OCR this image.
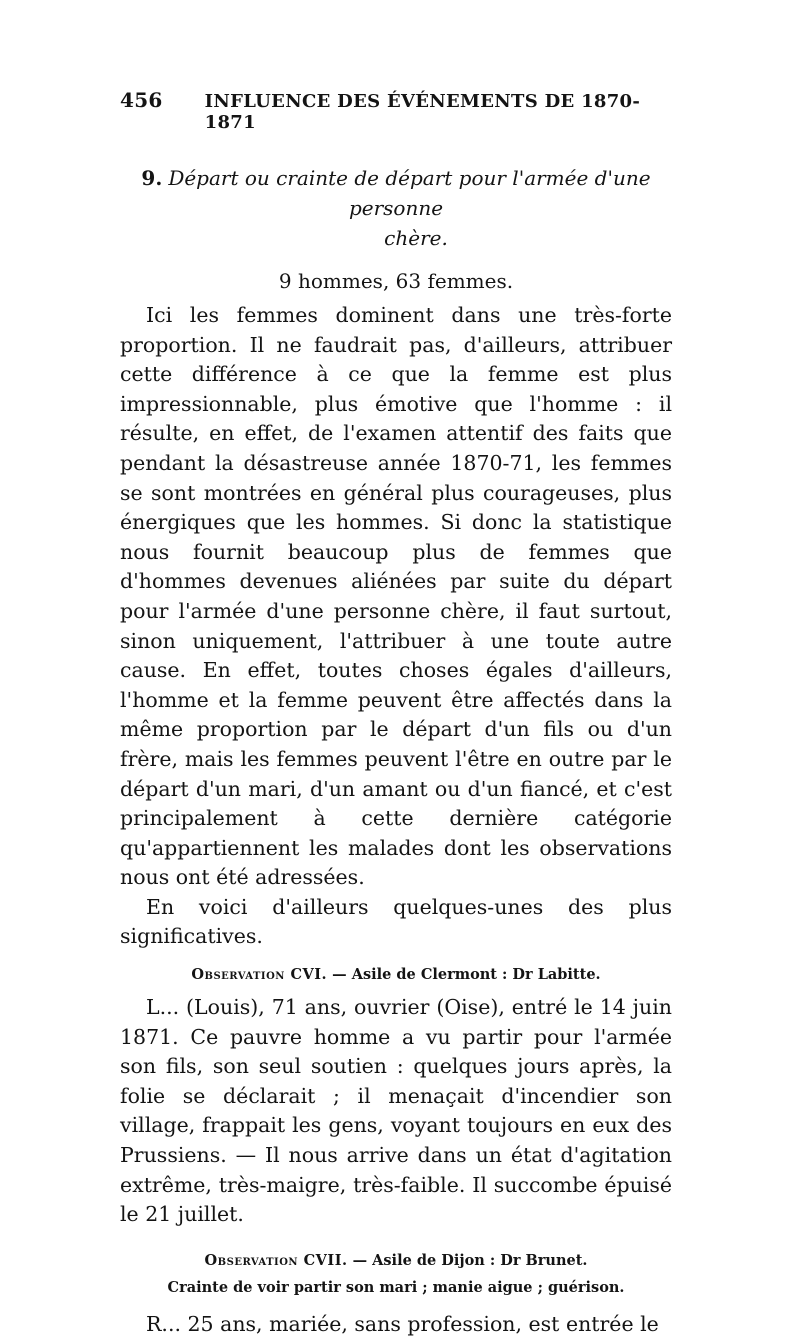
456 INFLUENCE DES ÉVÉNEMENTS DE 1870-1871
9. Départ ou crainte de départ pour l'armée d'une personne
chère.
9 hommes, 63 femmes.

Ici les femmes dominent dans une très-forte proportion. Il ne faudrait pas, d'ailleurs, attribuer cette différence à ce que la femme est plus impressionnable, plus émotive que l'homme : il résulte, en effet, de l'examen attentif des faits que pendant la désastreuse année 1870-71, les femmes se sont montrées en général plus courageuses, plus énergiques que les hommes. Si donc la statistique nous fournit beaucoup plus de femmes que d'hommes devenues aliénées par suite du départ pour l'armée d'une personne chère, il faut surtout, sinon uniquement, l'attribuer à une toute autre cause. En effet, toutes choses égales d'ailleurs, l'homme et la femme peuvent être affectés dans la même proportion par le départ d'un fils ou d'un frère, mais les femmes peuvent l'être en outre par le départ d'un mari, d'un amant ou d'un fiancé, et c'est principalement à cette dernière catégorie qu'appartiennent les malades dont les observations nous ont été adressées.

En voici d'ailleurs quelques-unes des plus significatives.

Observation CVI. — Asile de Clermont : Dr Labitte.

L... (Louis), 71 ans, ouvrier (Oise), entré le 14 juin 1871. Ce pauvre homme a vu partir pour l'armée son fils, son seul soutien : quelques jours après, la folie se déclarait ; il menaçait d'incendier son village, frappait les gens, voyant toujours en eux des Prussiens. — Il nous arrive dans un état d'agitation extrême, très-maigre, très-faible. Il succombe épuisé le 21 juillet.

Observation CVII. — Asile de Dijon : Dr Brunet.
Crainte de voir partir son mari ; manie aigue ; guérison.

R... 25 ans, mariée, sans profession, est entrée le
